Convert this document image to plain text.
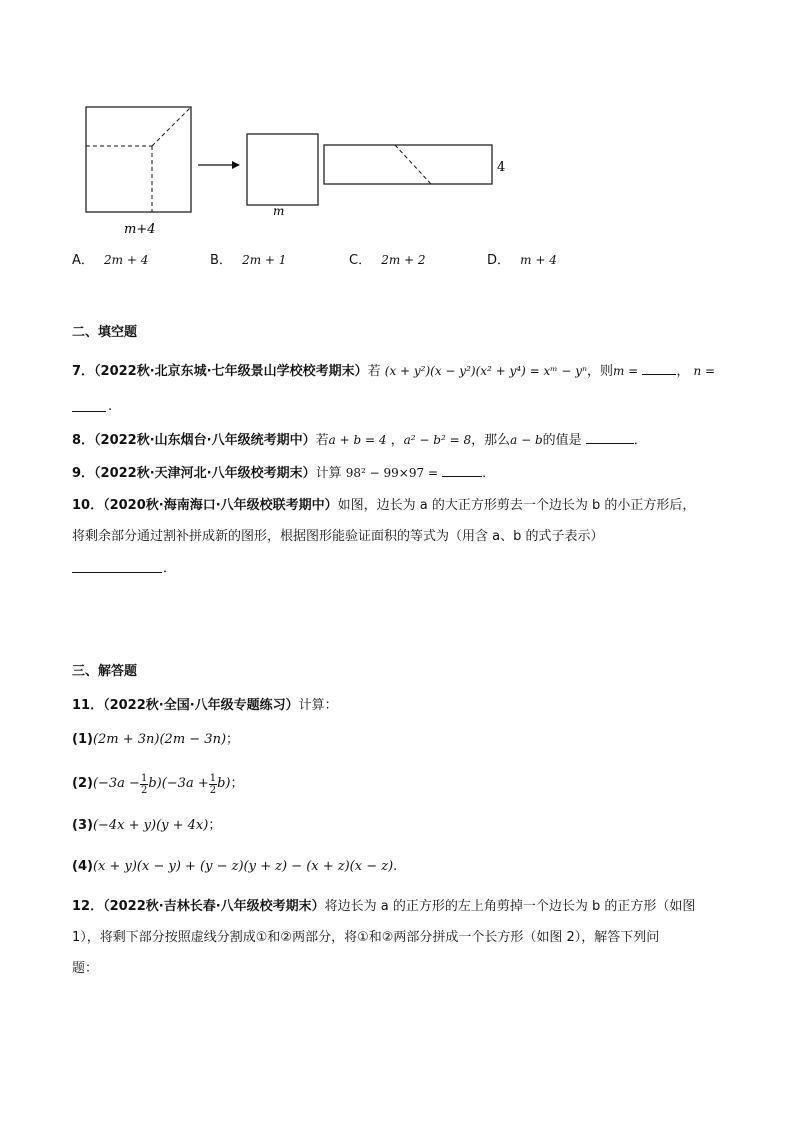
m+4
m
4
A． 2m + 4	B． 2m + 1	C． 2m + 2	D． m + 4
二、填空题
7．（2022秋·北京东城·七年级景山学校校考期末）若 (x + y²)(x − y²)(x² + y⁴) = xᵐ − yⁿ，则m =	， n =
.
8．（2022秋·山东烟台·八年级统考期中）若a + b = 4 ，a² − b² = 8，那么a − b的值是	．
9．（2022秋·天津河北·八年级校考期末）计算 98² − 99×97 =	．
10．（2020秋·海南海口·八年级校联考期中）如图，边长为 a 的大正方形剪去一个边长为 b 的小正方形后，
将剩余部分通过割补拼成新的图形，根据图形能验证面积的等式为（用含 a、b 的式子表示）
．
三、解答题
11．（2022秋·全国·八年级专题练习）计算：
(1)(2m + 3n)(2m − 3n)；
(2) $(-3a - \frac{1}{2} b)(-3a + \frac{1}{2} b)$ ；
(3)(−4x + y)(y + 4x)；
(4)(x + y)(x − y) + (y − z)(y + z) − (x + z)(x − z).
12．（2022秋·吉林长春·八年级校考期末）将边长为 a 的正方形的左上角剪掉一个边长为 b 的正方形（如图
1），将剩下部分按照虚线分割成①和②两部分，将①和②两部分拼成一个长方形（如图 2），解答下列问
题：
